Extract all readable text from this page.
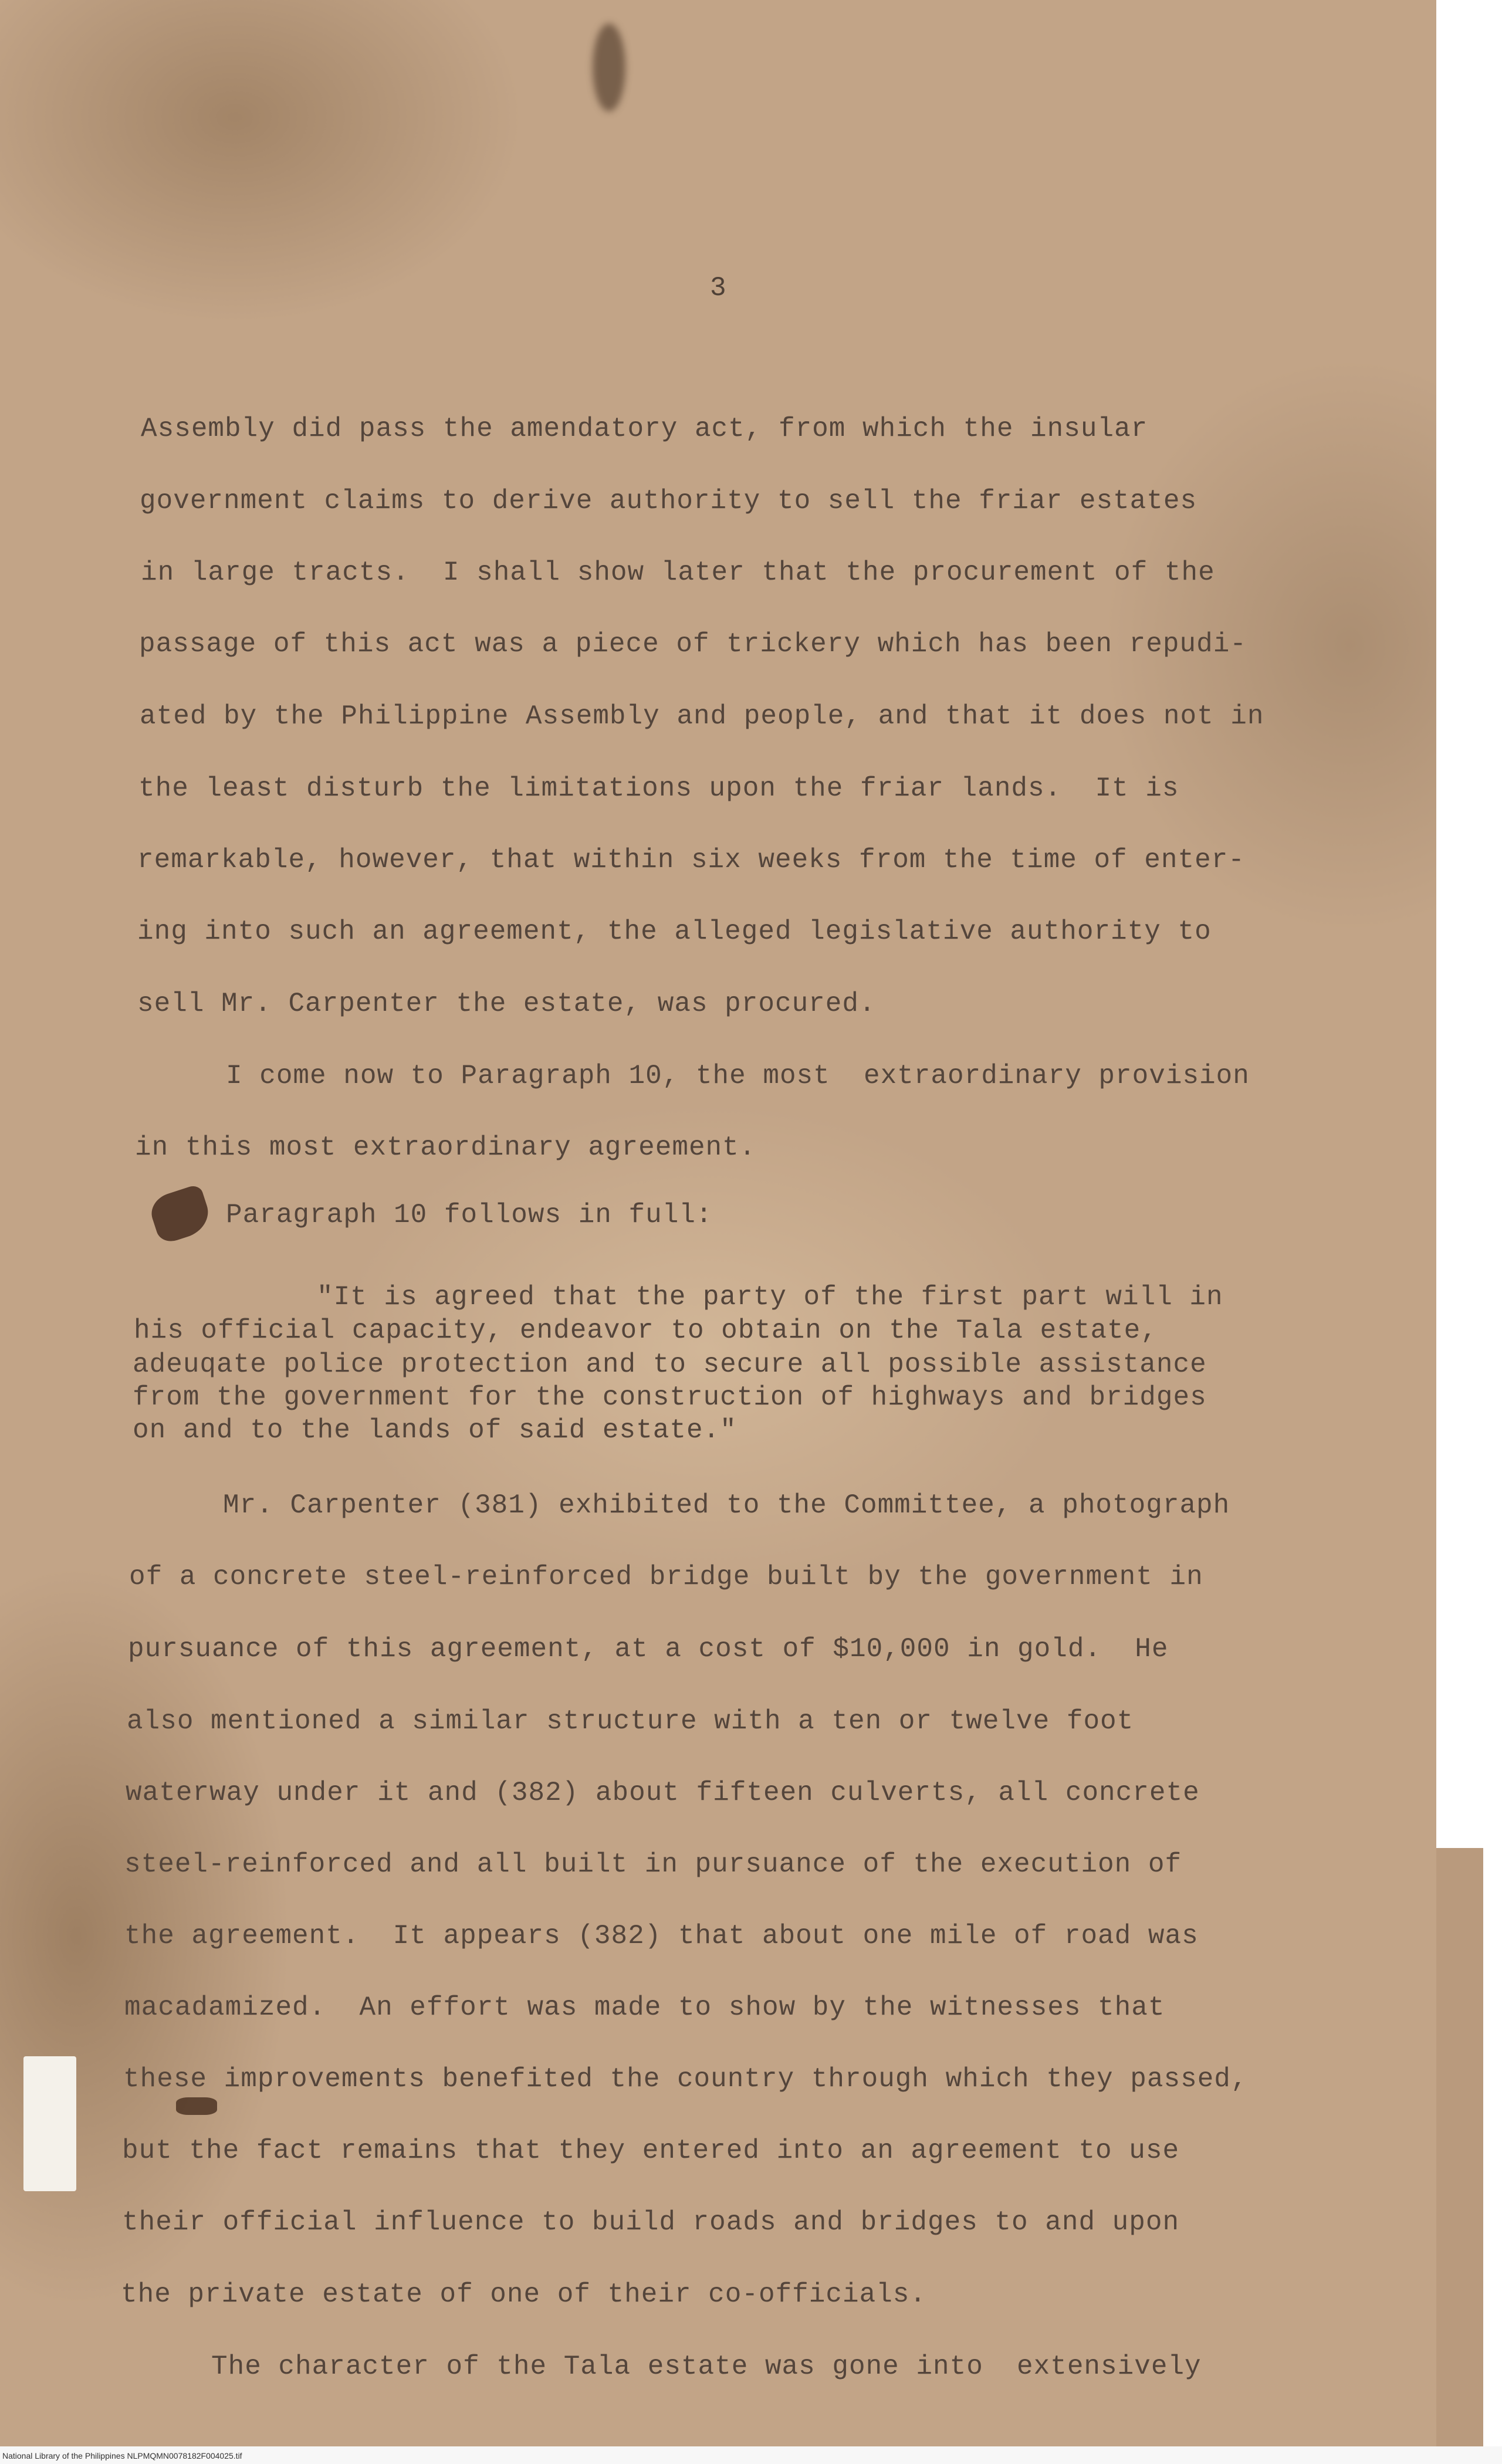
3
Assembly did pass the amendatory act, from which the insular
government claims to derive authority to sell the friar estates
in large tracts.  I shall show later that the procurement of the
passage of this act was a piece of trickery which has been repudi-
ated by the Philippine Assembly and people, and that it does not in
the least disturb the limitations upon the friar lands.  It is
remarkable, however, that within six weeks from the time of enter-
ing into such an agreement, the alleged legislative authority to
sell Mr. Carpenter the estate, was procured.
I come now to Paragraph 10, the most  extraordinary provision
in this most extraordinary agreement.
Paragraph 10 follows in full:
"It is agreed that the party of the first part will in
his official capacity, endeavor to obtain on the Tala estate,
adeuqate police protection and to secure all possible assistance
from the government for the construction of highways and bridges
on and to the lands of said estate."
Mr. Carpenter (381) exhibited to the Committee, a photograph
of a concrete steel-reinforced bridge built by the government in
pursuance of this agreement, at a cost of $10,000 in gold.  He
also mentioned a similar structure with a ten or twelve foot
waterway under it and (382) about fifteen culverts, all concrete
steel-reinforced and all built in pursuance of the execution of
the agreement.  It appears (382) that about one mile of road was
macadamized.  An effort was made to show by the witnesses that
these improvements benefited the country through which they passed,
but the fact remains that they entered into an agreement to use
their official influence to build roads and bridges to and upon
the private estate of one of their co-officials.
The character of the Tala estate was gone into  extensively
National Library of the Philippines NLPMQMN0078182F004025.tif
